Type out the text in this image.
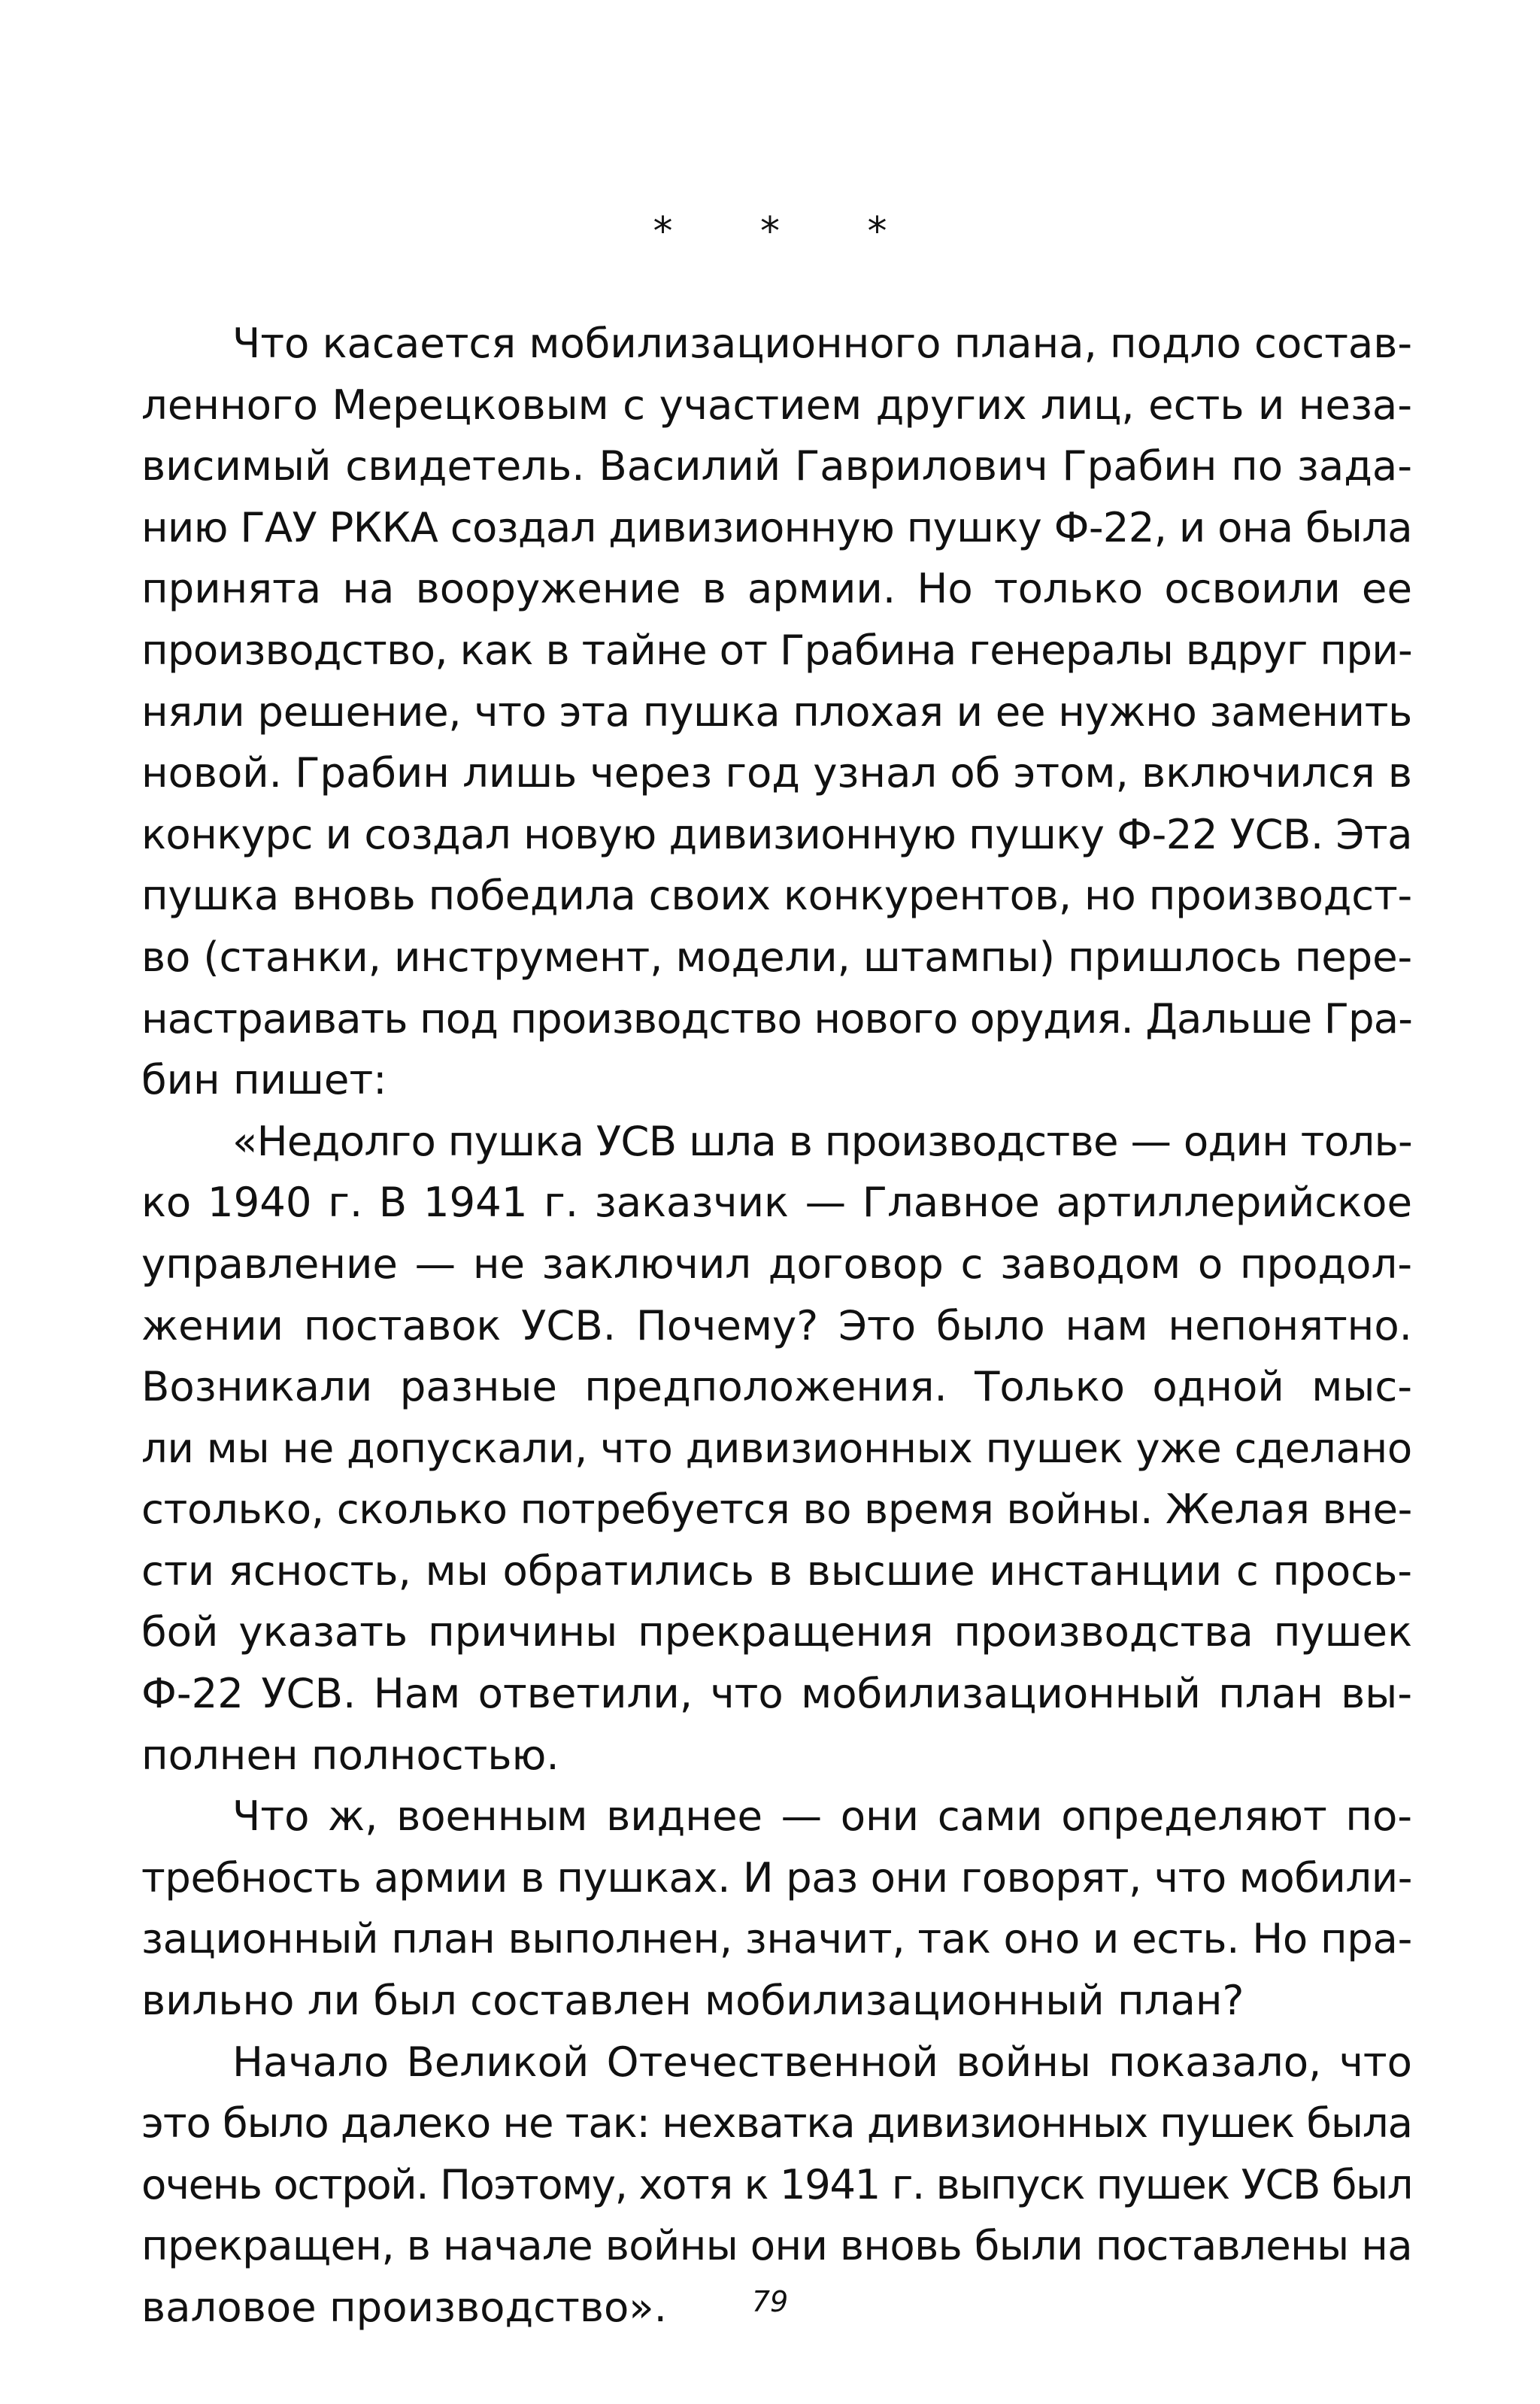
* * *
Что касается мобилизационного плана, подло состав-
ленного Мерецковым с участием других лиц, есть и неза-
висимый свидетель. Василий Гаврилович Грабин по зада-
нию ГАУ РККА создал дивизионную пушку Ф-22, и она была
принята на вооружение в армии. Но только освоили ее
производство, как в тайне от Грабина генералы вдруг при-
няли решение, что эта пушка плохая и ее нужно заменить
новой. Грабин лишь через год узнал об этом, включился в
конкурс и создал новую дивизионную пушку Ф-22 УСВ. Эта
пушка вновь победила своих конкурентов, но производст-
во (станки, инструмент, модели, штампы) пришлось пере-
настраивать под производство нового орудия. Дальше Гра-
бин пишет:
«Недолго пушка УСВ шла в производстве — один толь-
ко 1940 г. В 1941 г. заказчик — Главное артиллерийское
управление — не заключил договор с заводом о продол-
жении поставок УСВ. Почему? Это было нам непонятно.
Возникали разные предположения. Только одной мыс-
ли мы не допускали, что дивизионных пушек уже сделано
столько, сколько потребуется во время войны. Желая вне-
сти ясность, мы обратились в высшие инстанции с прось-
бой указать причины прекращения производства пушек
Ф-22 УСВ. Нам ответили, что мобилизационный план вы-
полнен полностью.
Что ж, военным виднее — они сами определяют по-
требность армии в пушках. И раз они говорят, что мобили-
зационный план выполнен, значит, так оно и есть. Но пра-
вильно ли был составлен мобилизационный план?
Начало Великой Отечественной войны показало, что
это было далеко не так: нехватка дивизионных пушек была
очень острой. Поэтому, хотя к 1941 г. выпуск пушек УСВ был
прекращен, в начале войны они вновь были поставлены на
валовое производство».	79
